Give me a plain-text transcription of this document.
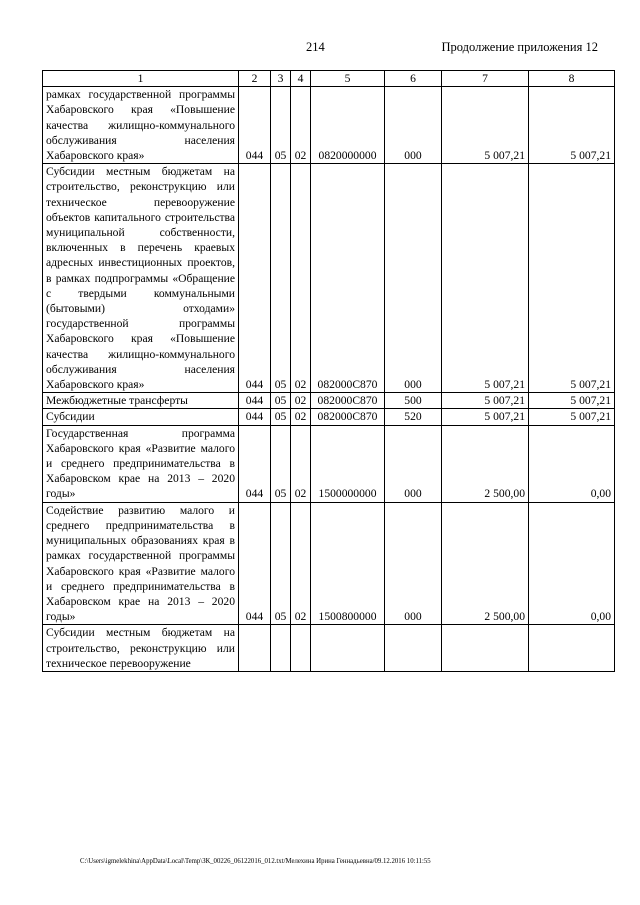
214	Продолжение приложения 12
1	2	3	4	5	6	7	8
рамках государственной программы Хабаровского края «Повышение качества жилищно-коммунального обслуживания населения Хабаровского края»	044	05	02	0820000000	000	5 007,21	5 007,21
Субсидии местным бюджетам на строительство, реконструкцию или техническое перевооружение объектов капитального строительства муниципальной собственности, включенных в перечень краевых адресных инвестиционных проектов, в рамках подпрограммы «Обращение с твердыми коммунальными (бытовыми) отходами» государственной программы Хабаровского края «Повышение качества жилищно-коммунального обслуживания населения Хабаровского края»	044	05	02	082000С870	000	5 007,21	5 007,21
Межбюджетные трансферты	044	05	02	082000С870	500	5 007,21	5 007,21
Субсидии	044	05	02	082000С870	520	5 007,21	5 007,21
Государственная программа Хабаровского края «Развитие малого и среднего предпринимательства в Хабаровском крае на 2013 – 2020 годы»	044	05	02	1500000000	000	2 500,00	0,00
Содействие развитию малого и среднего предпринимательства в муниципальных образованиях края в рамках государственной программы Хабаровского края «Развитие малого и среднего предпринимательства в Хабаровском крае на 2013 – 2020 годы»	044	05	02	1500800000	000	2 500,00	0,00
Субсидии местным бюджетам на строительство, реконструкцию или техническое перевооружение							
C:\Users\igmelekhina\AppData\Local\Temp\ЗК_00226_06122016_012.txt/Мелехина Ирина Геннадьевна/09.12.2016 10:11:55
